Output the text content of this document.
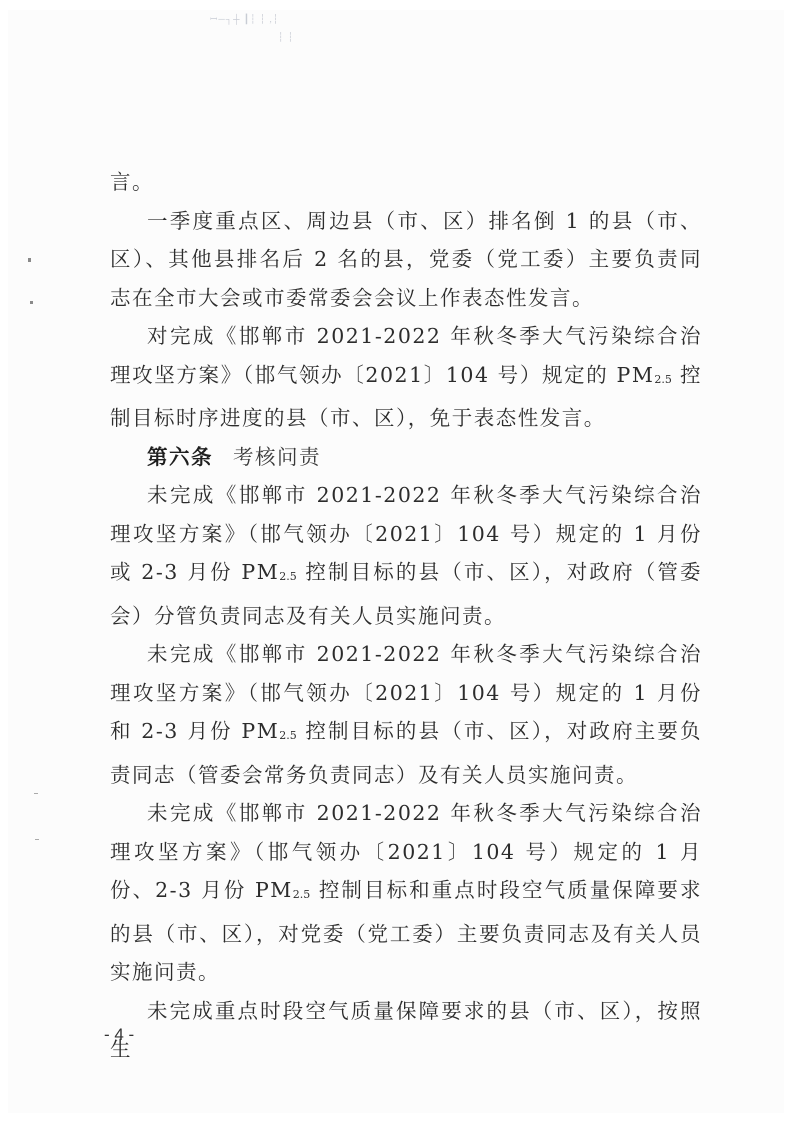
ꟷ─┐┼ ┃┆ ┆ ,┆
┆ ┆

言。

一季度重点区、周边县（市、区）排名倒 1 的县（市、区）、其他县排名后 2 名的县，党委（党工委）主要负责同志在全市大会或市委常委会会议上作表态性发言。

对完成《邯郸市 2021-2022 年秋冬季大气污染综合治理攻坚方案》（邯气领办〔2021〕104 号）规定的 $PM_{2.5}$ 控制目标时序进度的县（市、区），免于表态性发言。

第六条 考核问责

未完成《邯郸市 2021-2022 年秋冬季大气污染综合治理攻坚方案》（邯气领办〔2021〕104 号）规定的 1 月份或 2-3 月份 $PM_{2.5}$ 控制目标的县（市、区），对政府（管委会）分管负责同志及有关人员实施问责。

未完成《邯郸市 2021-2022 年秋冬季大气污染综合治理攻坚方案》（邯气领办〔2021〕104 号）规定的 1 月份和 2-3 月份 $PM_{2.5}$ 控制目标的县（市、区），对政府主要负责同志（管委会常务负责同志）及有关人员实施问责。

未完成《邯郸市 2021-2022 年秋冬季大气污染综合治理攻坚方案》（邯气领办〔2021〕104 号）规定的 1 月份、2-3 月份 $PM_{2.5}$ 控制目标和重点时段空气质量保障要求的县（市、区），对党委（党工委）主要负责同志及有关人员实施问责。

未完成重点时段空气质量保障要求的县（市、区），按照生

- 4 -
